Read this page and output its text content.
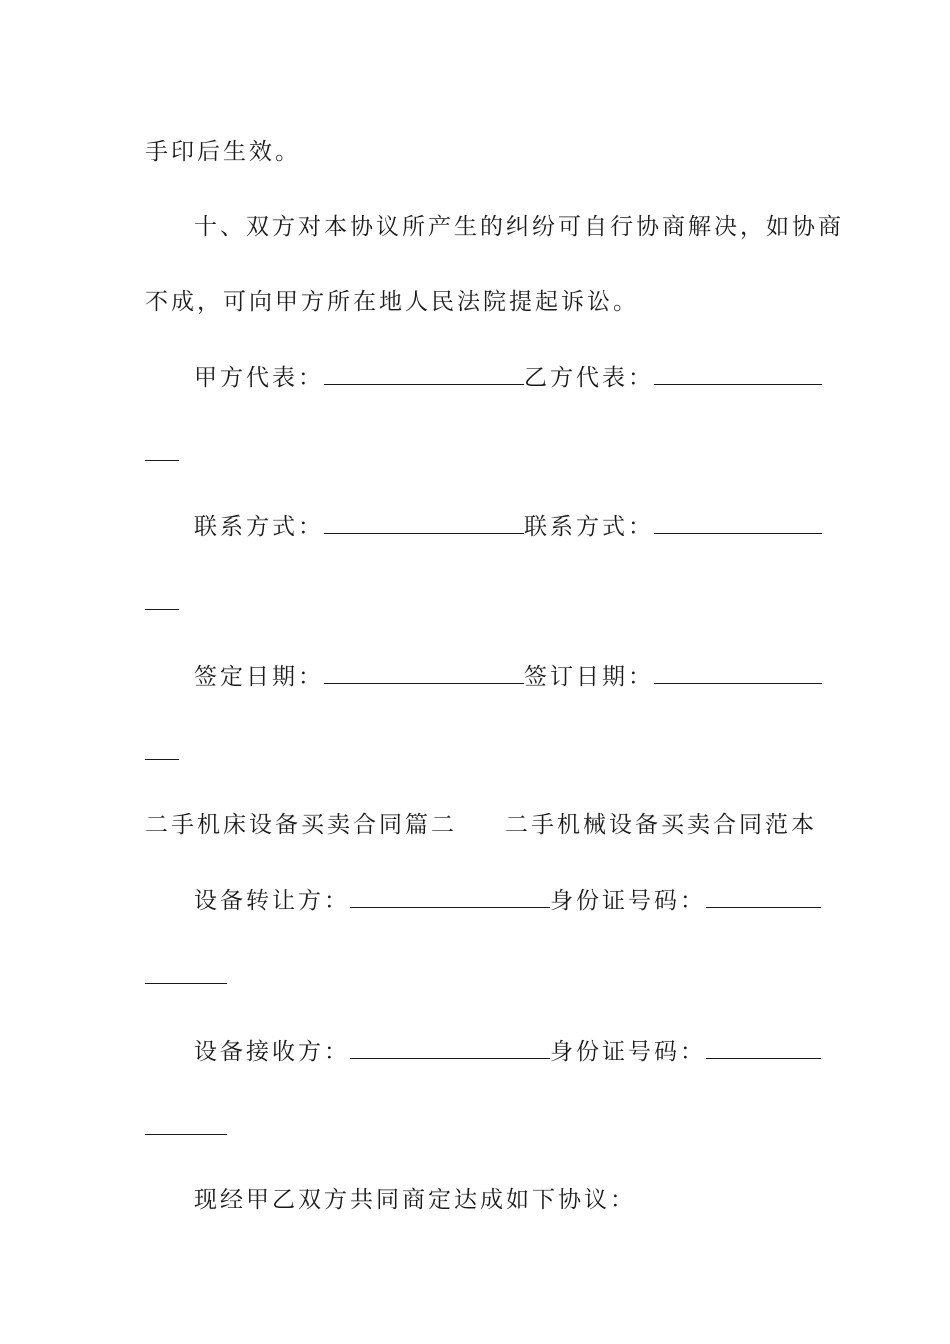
手印后生效。
十、双方对本协议所产生的纠纷可自行协商解决，如协商
不成，可向甲方所在地人民法院提起诉讼。
甲方代表：	乙方代表：
联系方式：	联系方式：
签定日期：	签订日期：
二手机床设备买卖合同篇二 二手机械设备买卖合同范本
设备转让方：	身份证号码：
设备接收方：	身份证号码：
现经甲乙双方共同商定达成如下协议：
